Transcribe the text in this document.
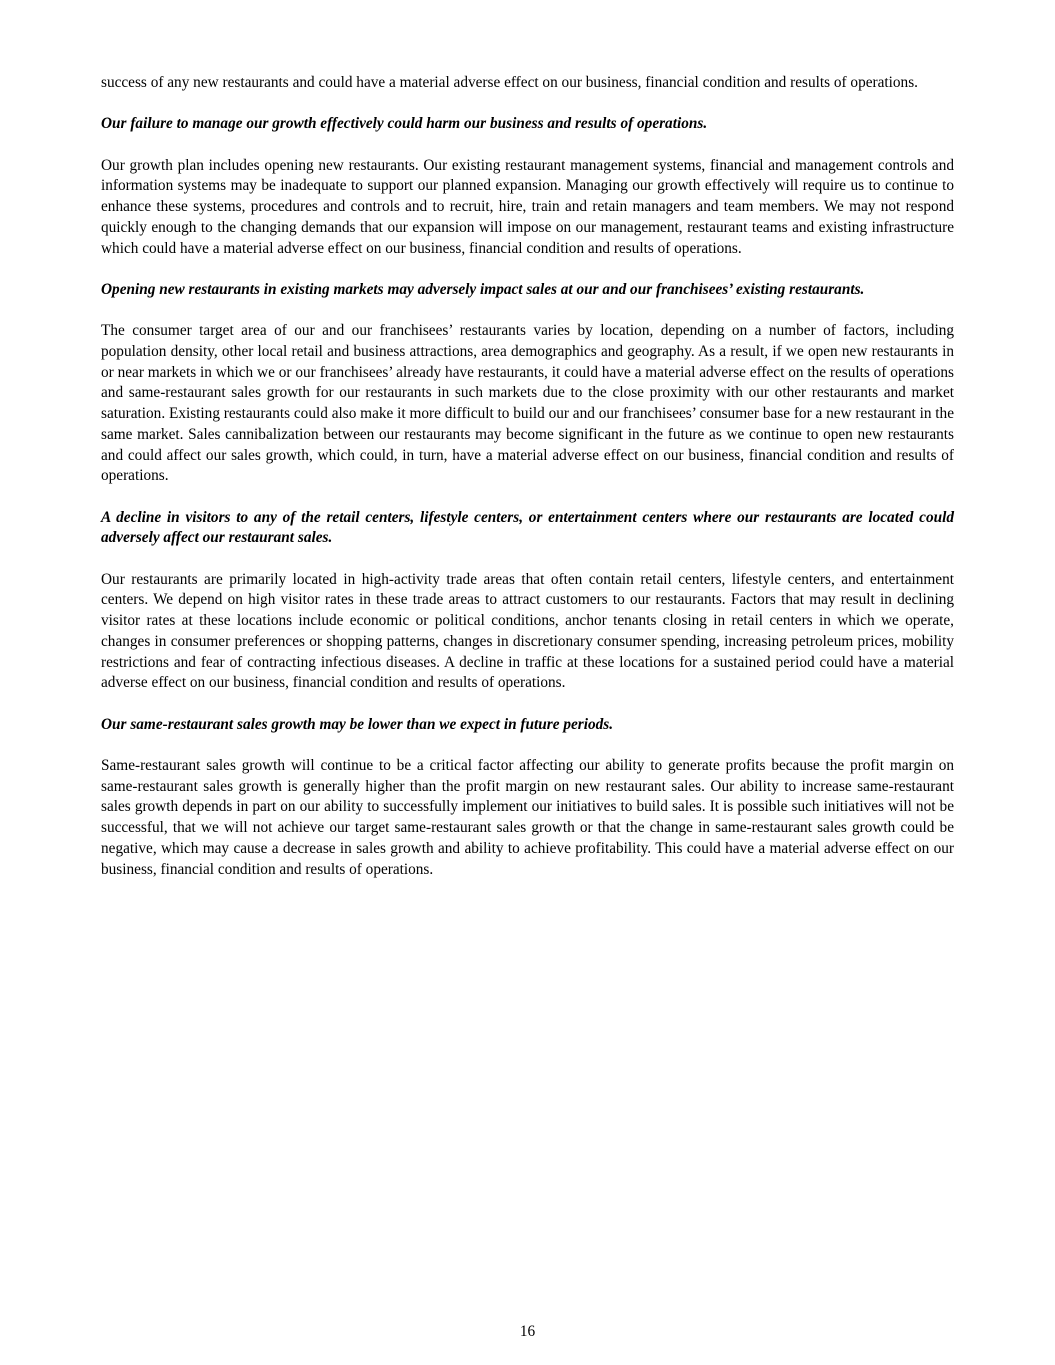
success of any new restaurants and could have a material adverse effect on our business, financial condition and results of operations.

Our failure to manage our growth effectively could harm our business and results of operations.

Our growth plan includes opening new restaurants. Our existing restaurant management systems, financial and management controls and information systems may be inadequate to support our planned expansion. Managing our growth effectively will require us to continue to enhance these systems, procedures and controls and to recruit, hire, train and retain managers and team members. We may not respond quickly enough to the changing demands that our expansion will impose on our management, restaurant teams and existing infrastructure which could have a material adverse effect on our business, financial condition and results of operations.

Opening new restaurants in existing markets may adversely impact sales at our and our franchisees’ existing restaurants.

The consumer target area of our and our franchisees’ restaurants varies by location, depending on a number of factors, including population density, other local retail and business attractions, area demographics and geography. As a result, if we open new restaurants in or near markets in which we or our franchisees’ already have restaurants, it could have a material adverse effect on the results of operations and same-restaurant sales growth for our restaurants in such markets due to the close proximity with our other restaurants and market saturation. Existing restaurants could also make it more difficult to build our and our franchisees’ consumer base for a new restaurant in the same market. Sales cannibalization between our restaurants may become significant in the future as we continue to open new restaurants and could affect our sales growth, which could, in turn, have a material adverse effect on our business, financial condition and results of operations.

A decline in visitors to any of the retail centers, lifestyle centers, or entertainment centers where our restaurants are located could adversely affect our restaurant sales.

Our restaurants are primarily located in high-activity trade areas that often contain retail centers, lifestyle centers, and entertainment centers. We depend on high visitor rates in these trade areas to attract customers to our restaurants. Factors that may result in declining visitor rates at these locations include economic or political conditions, anchor tenants closing in retail centers in which we operate, changes in consumer preferences or shopping patterns, changes in discretionary consumer spending, increasing petroleum prices, mobility restrictions and fear of contracting infectious diseases. A decline in traffic at these locations for a sustained period could have a material adverse effect on our business, financial condition and results of operations.

Our same-restaurant sales growth may be lower than we expect in future periods.

Same-restaurant sales growth will continue to be a critical factor affecting our ability to generate profits because the profit margin on same-restaurant sales growth is generally higher than the profit margin on new restaurant sales. Our ability to increase same-restaurant sales growth depends in part on our ability to successfully implement our initiatives to build sales. It is possible such initiatives will not be successful, that we will not achieve our target same-restaurant sales growth or that the change in same-restaurant sales growth could be negative, which may cause a decrease in sales growth and ability to achieve profitability. This could have a material adverse effect on our business, financial condition and results of operations.

16
